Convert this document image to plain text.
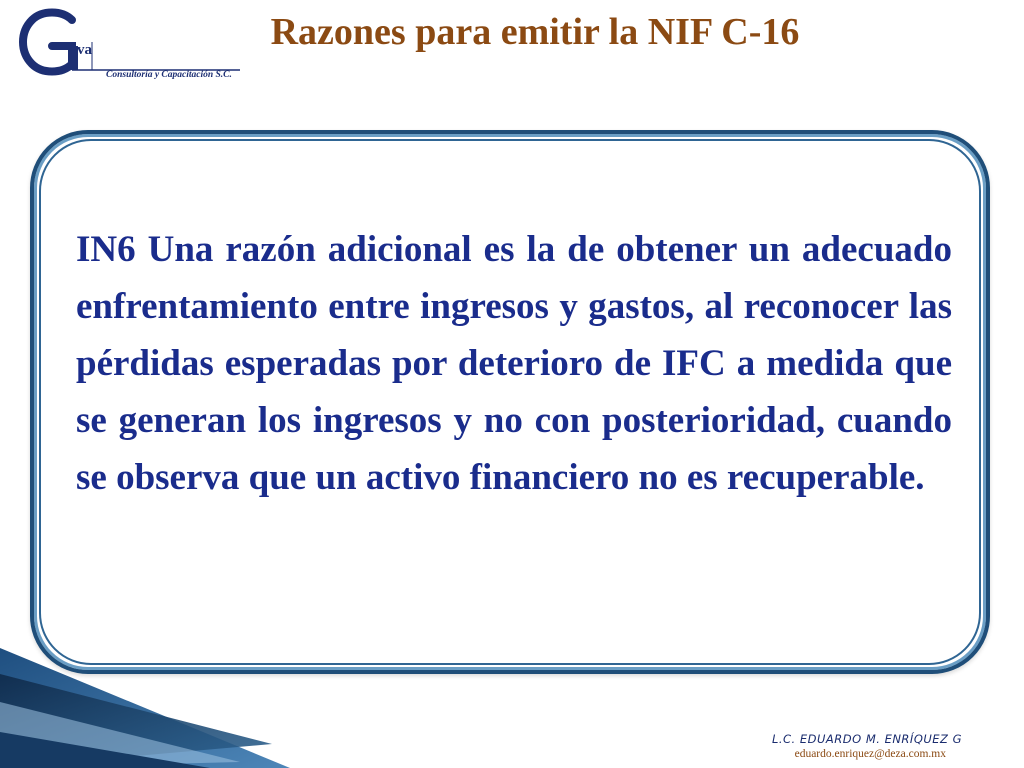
va
Consultoría y Capacitación S.C.
Razones para emitir la NIF C-16
IN6 Una razón adicional es la de obtener un adecuado enfrentamiento entre ingresos y gastos, al reconocer las pérdidas esperadas por deterioro de IFC a medida que se generan los ingresos y no con posterioridad, cuando se observa que un activo financiero no es recuperable.
L.C. EDUARDO M. ENRÍQUEZ G
eduardo.enriquez@deza.com.mx
